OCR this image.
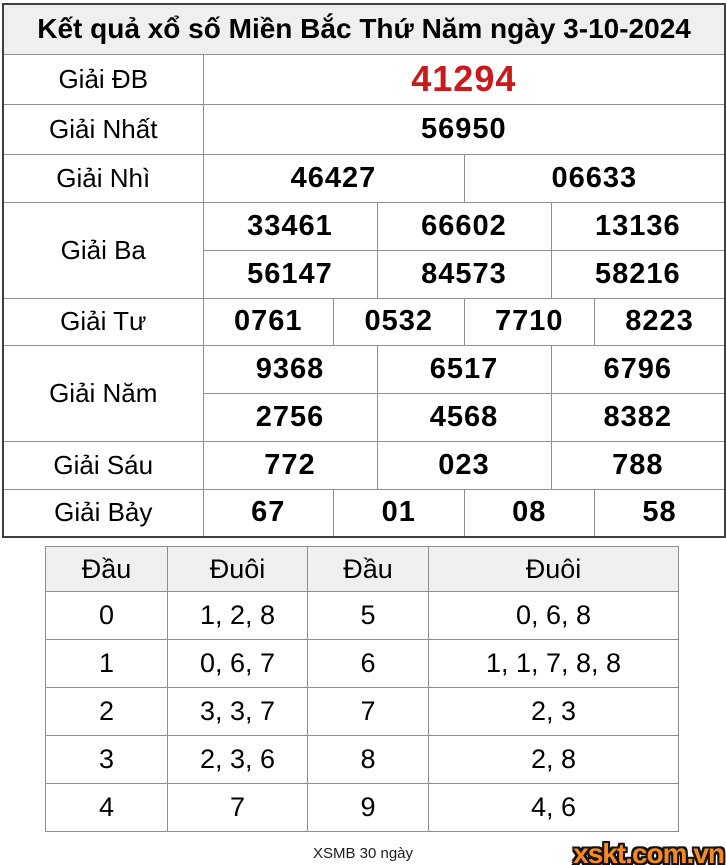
Kết quả xổ số Miền Bắc Thứ Năm ngày 3-10-2024						
Giải ĐB	41294					
Giải Nhất	56950					
Giải Nhì	46427			06633		
Giải Ba	33461		66602		13136	
	56147		84573		58216	
Giải Tư	0761	0532		7710		8223
Giải Năm	9368		6517		6796	
	2756		4568		8382	
Giải Sáu	772		023		788	
Giải Bảy	67	01		08		58
Đầu	Đuôi	Đầu	Đuôi
0	1, 2, 8	5	0, 6, 8
1	0, 6, 7	6	1, 1, 7, 8, 8
2	3, 3, 7	7	2, 3
3	2, 3, 6	8	2, 8
4	7	9	4, 6
XSMB 30 ngày	xskt.com.vn
